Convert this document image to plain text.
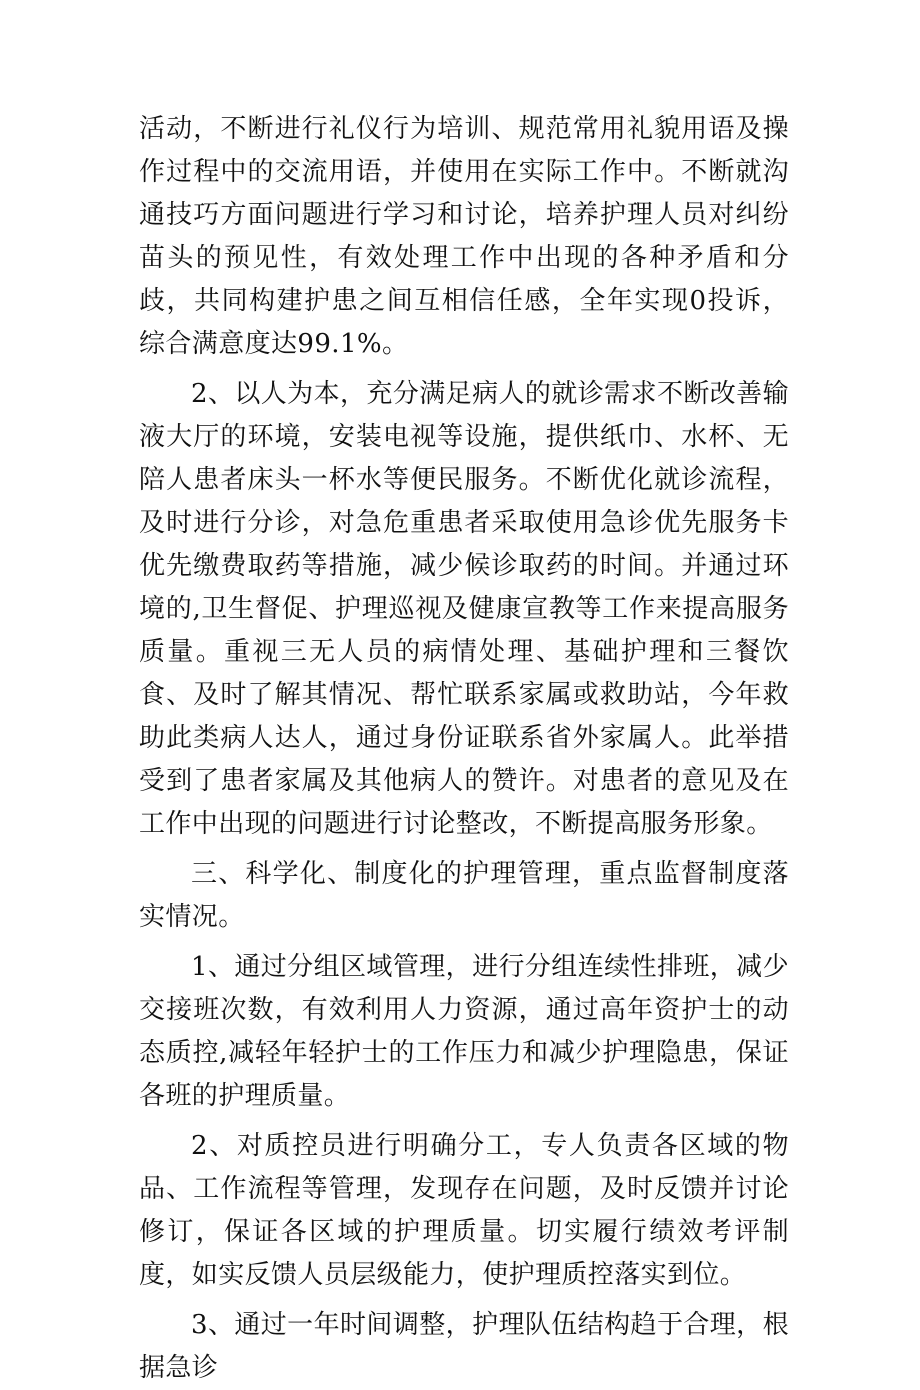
活动，不断进行礼仪行为培训、规范常用礼貌用语及操作过程中的交流用语，并使用在实际工作中。不断就沟通技巧方面问题进行学习和讨论，培养护理人员对纠纷苗头的预见性，有效处理工作中出现的各种矛盾和分歧，共同构建护患之间互相信任感，全年实现0投诉，综合满意度达99.1%。

2、以人为本，充分满足病人的就诊需求不断改善输液大厅的环境，安装电视等设施，提供纸巾、水杯、无陪人患者床头一杯水等便民服务。不断优化就诊流程，及时进行分诊，对急危重患者采取使用急诊优先服务卡优先缴费取药等措施，减少候诊取药的时间。并通过环境的,卫生督促、护理巡视及健康宣教等工作来提高服务质量。重视三无人员的病情处理、基础护理和三餐饮食、及时了解其情况、帮忙联系家属或救助站，今年救助此类病人达人，通过身份证联系省外家属人。此举措受到了患者家属及其他病人的赞许。对患者的意见及在工作中出现的问题进行讨论整改，不断提高服务形象。

三、科学化、制度化的护理管理，重点监督制度落实情况。

1、通过分组区域管理，进行分组连续性排班，减少交接班次数，有效利用人力资源，通过高年资护士的动态质控,减轻年轻护士的工作压力和减少护理隐患，保证各班的护理质量。

2、对质控员进行明确分工，专人负责各区域的物品、工作流程等管理，发现存在问题，及时反馈并讨论修订，保证各区域的护理质量。切实履行绩效考评制度，如实反馈人员层级能力，使护理质控落实到位。

3、通过一年时间调整，护理队伍结构趋于合理，根据急诊
